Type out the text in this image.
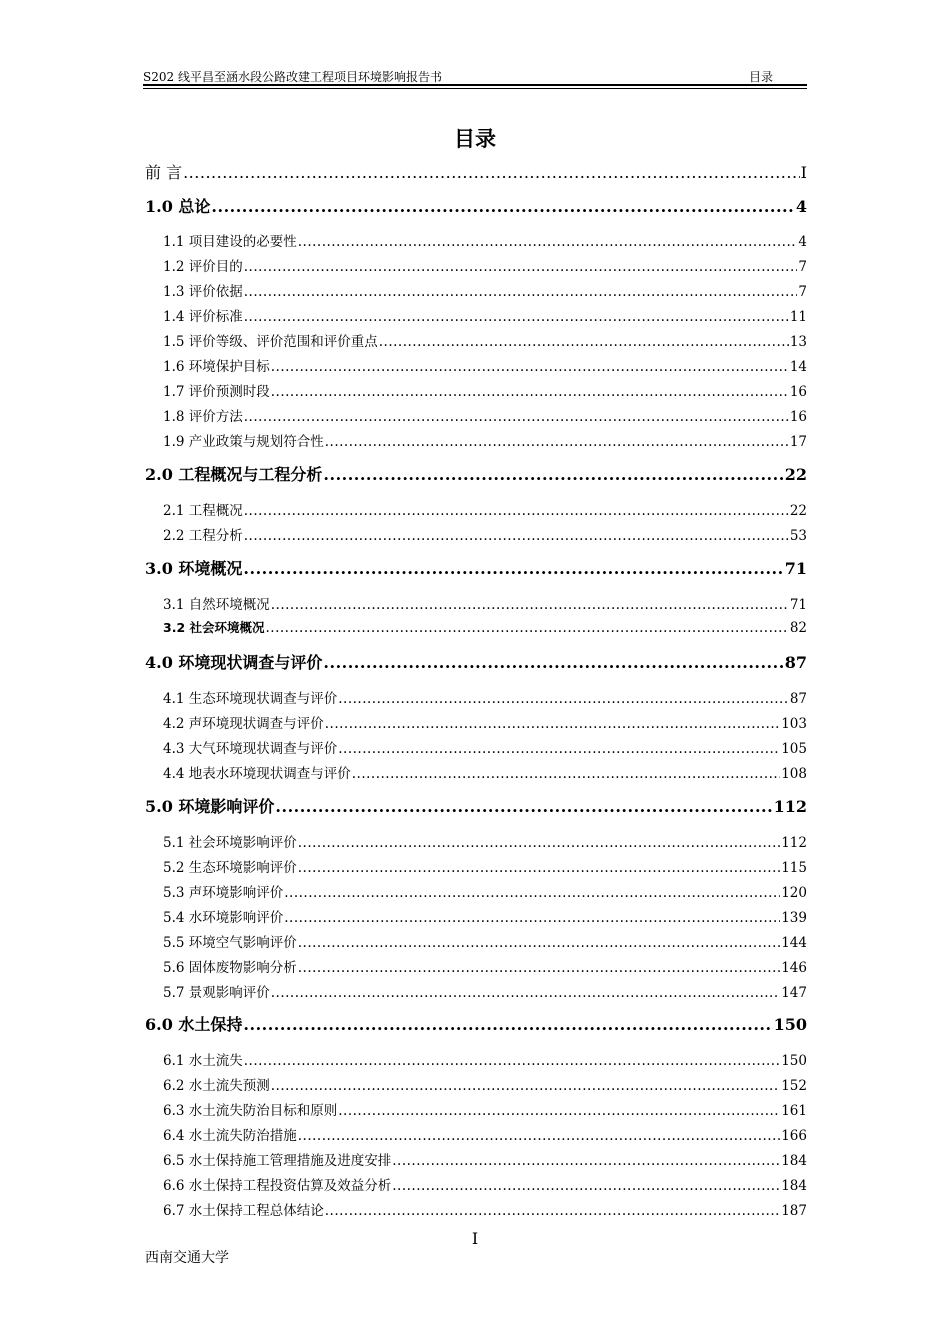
S202 线平昌至涵水段公路改建工程项目环境影响报告书	目录
目录
前 言 .....	I
1.0 总论 .....	4
1.1 项目建设的必要性 .....	4
1.2 评价目的 .....	7
1.3 评价依据 .....	7
1.4 评价标准 .....	11
1.5 评价等级、评价范围和评价重点 .....	13
1.6 环境保护目标 .....	14
1.7 评价预测时段 .....	16
1.8 评价方法 .....	16
1.9 产业政策与规划符合性 .....	17
2.0 工程概况与工程分析 .....	22
2.1 工程概况 .....	22
2.2 工程分析 .....	53
3.0 环境概况 .....	71
3.1 自然环境概况 .....	71
3.2 社会环境概况 .....	82
4.0 环境现状调查与评价 .....	87
4.1 生态环境现状调查与评价 .....	87
4.2 声环境现状调查与评价 .....	103
4.3 大气环境现状调查与评价 .....	105
4.4 地表水环境现状调查与评价 .....	108
5.0 环境影响评价 .....	112
5.1 社会环境影响评价 .....	112
5.2 生态环境影响评价 .....	115
5.3 声环境影响评价 .....	120
5.4 水环境影响评价 .....	139
5.5 环境空气影响评价 .....	144
5.6 固体废物影响分析 .....	146
5.7 景观影响评价 .....	147
6.0 水土保持 .....	150
6.1 水土流失 .....	150
6.2 水土流失预测 .....	152
6.3 水土流失防治目标和原则 .....	161
6.4 水土流失防治措施 .....	166
6.5 水土保持施工管理措施及进度安排 .....	184
6.6 水土保持工程投资估算及效益分析 .....	184
6.7 水土保持工程总体结论 .....	187
I
西南交通大学
